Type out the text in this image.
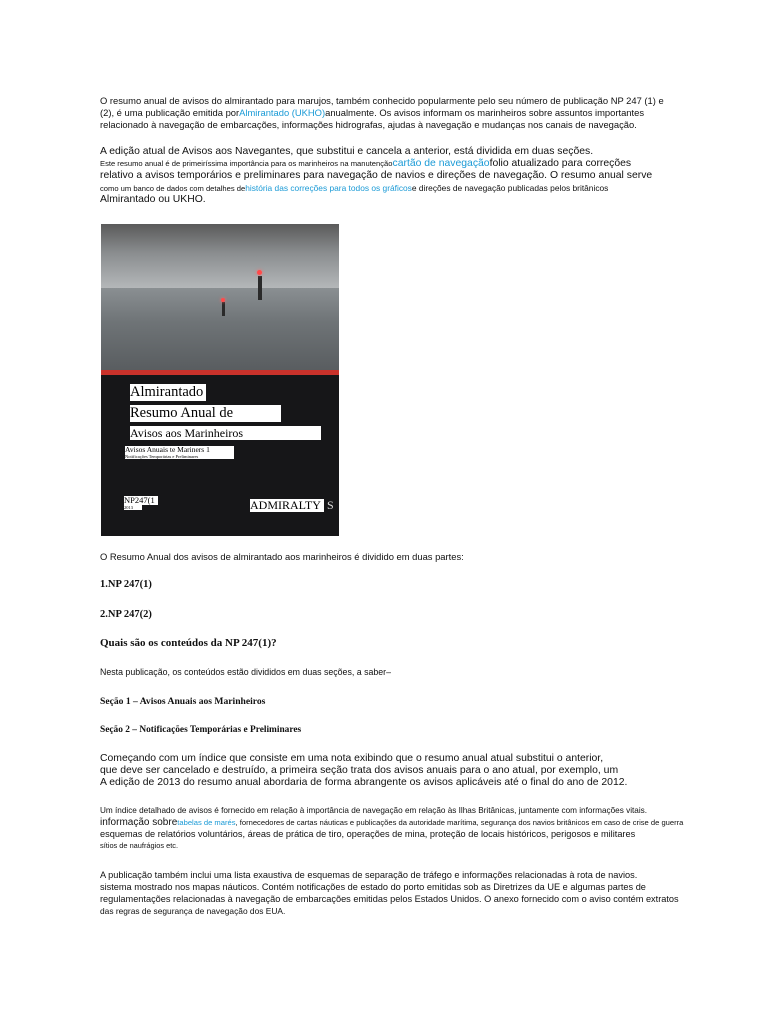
O resumo anual de avisos do almirantado para marujos, também conhecido popularmente pelo seu número de publicação NP 247 (1) e

(2), é uma publicação emitida porAlmirantado (UKHO)anualmente. Os avisos informam os marinheiros sobre assuntos importantes

relacionado à navegação de embarcações, informações hidrografas, ajudas à navegação e mudanças nos canais de navegação.

A edição atual de Avisos aos Navegantes, que substitui e cancela a anterior, está dividida em duas seções.

Este resumo anual é de primeiríssima importância para os marinheiros na manutençãocartão de navegaçãofolio atualizado para correções

relativo a avisos temporários e preliminares para navegação de navios e direções de navegação. O resumo anual serve

como um banco de dados com detalhes dehistória das correções para todos os gráficose direções de navegação publicadas pelos britânicos

Almirantado ou UKHO.

Almirantado
Resumo Anual de
Avisos aos Marinheiros
Avisos Anuais te Mariners 1
Notificações Temporárias e Preliminares
NP247(1
2013	ADMIRALTY S

O Resumo Anual dos avisos de almirantado aos marinheiros é dividido em duas partes:

1.NP 247(1)

2.NP 247(2)

Quais são os conteúdos da NP 247(1)?

Nesta publicação, os conteúdos estão divididos em duas seções, a saber–

Seção 1 – Avisos Anuais aos Marinheiros

Seção 2 – Notificações Temporárias e Preliminares

Começando com um índice que consiste em uma nota exibindo que o resumo anual atual substitui o anterior,

que deve ser cancelado e destruído, a primeira seção trata dos avisos anuais para o ano atual, por exemplo, um

A edição de 2013 do resumo anual abordaria de forma abrangente os avisos aplicáveis até o final do ano de 2012.

Um índice detalhado de avisos é fornecido em relação à importância de navegação em relação às Ilhas Britânicas, juntamente com informações vitais.

informação sobretabelas de marés, fornecedores de cartas náuticas e publicações da autoridade marítima, segurança dos navios britânicos em caso de crise de guerra

esquemas de relatórios voluntários, áreas de prática de tiro, operações de mina, proteção de locais históricos, perigosos e militares

sítios de naufrágios etc.

A publicação também inclui uma lista exaustiva de esquemas de separação de tráfego e informações relacionadas à rota de navios.

sistema mostrado nos mapas náuticos. Contém notificações de estado do porto emitidas sob as Diretrizes da UE e algumas partes de

regulamentações relacionadas à navegação de embarcações emitidas pelos Estados Unidos. O anexo fornecido com o aviso contém extratos

das regras de segurança de navegação dos EUA.
